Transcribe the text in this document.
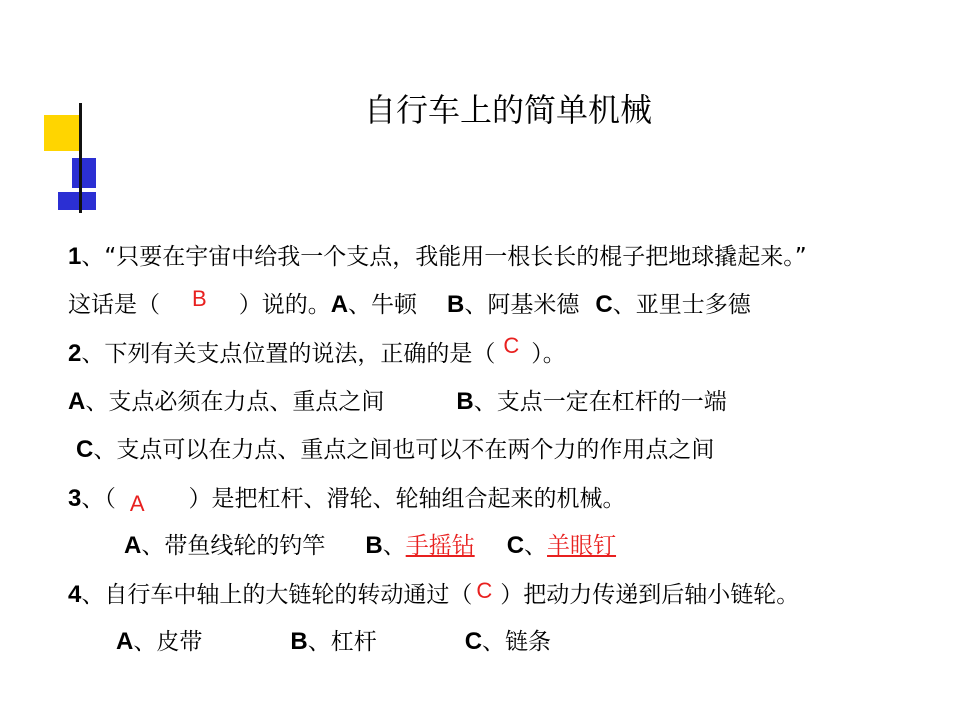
自行车上的简单机械
1、“只要在宇宙中给我一个支点，我能用一根长长的棍子把地球撬起来。”
这话是（ B ）说的。A、牛顿 B、阿基米德 C、亚里士多德
2、下列有关支点位置的说法，正确的是（ C ）。
A、支点必须在力点、重点之间	B、支点一定在杠杆的一端
C、支点可以在力点、重点之间也可以不在两个力的作用点之间
3、（ A ）是把杠杆、滑轮、轮轴组合起来的机械。
A、带鱼线轮的钓竿 B、手摇钻 C、羊眼钉
4、自行车中轴上的大链轮的转动通过（ C ）把动力传递到后轴小链轮。
A、皮带	B、杠杆	C、链条
